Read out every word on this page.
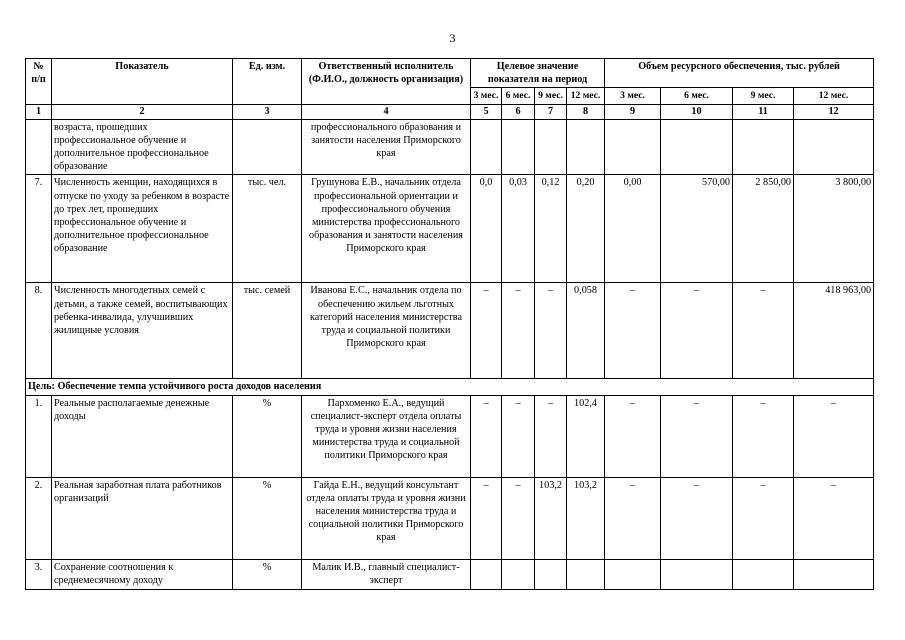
3
№ п/п	Показатель	Ед. изм.	Ответственный исполнитель (Ф.И.О., должность организация)	Целевое значение показателя на период				Объем ресурсного обеспечения, тыс. рублей			
				3 мес.	6 мес.	9 мес.	12 мес.	3 мес.	6 мес.	9 мес.	12 мес.
1	2	3	4	5	6	7	8	9	10	11	12
	возраста, прошедших профессиональное обучение и дополнительное профессиональное образование		профессионального образования и занятости населения Приморского края								
7.	Численность женщин, находящихся в отпуске по уходу за ребенком в возрасте до трех лет, прошедших профессиональное обучение и дополнительное профессиональное образование	тыс. чел.	Грушунова Е.В., начальник отдела профессиональной ориентации и профессионального обучения министерства профессионального образования и занятости населения Приморского края	0,0	0,03	0,12	0,20	0,00	570,00	2 850,00	3 800,00
8.	Численность многодетных семей с детьми, а также семей, воспитывающих ребенка-инвалида, улучшивших жилищные условия	тыс. семей	Иванова Е.С., начальник отдела по обеспечению жильем льготных категорий населения министерства труда и социальной политики Приморского края	–	–	–	0,058	–	–	–	418 963,00
Цель: Обеспечение темпа устойчивого роста доходов населения											
1.	Реальные располагаемые денежные доходы	%	Пархоменко Е.А., ведущий специалист-эксперт отдела оплаты труда и уровня жизни населения министерства труда и социальной политики Приморского края	–	–	–	102,4	–	–	–	–
2.	Реальная заработная плата работников организаций	%	Гайда Е.Н., ведущий консультант отдела оплаты труда и уровня жизни населения министерства труда и социальной политики Приморского края	–	–	103,2	103,2	–	–	–	–
3.	Сохранение соотношения к среднемесячному доходу	%	Малик И.В., главный специалист-эксперт								
